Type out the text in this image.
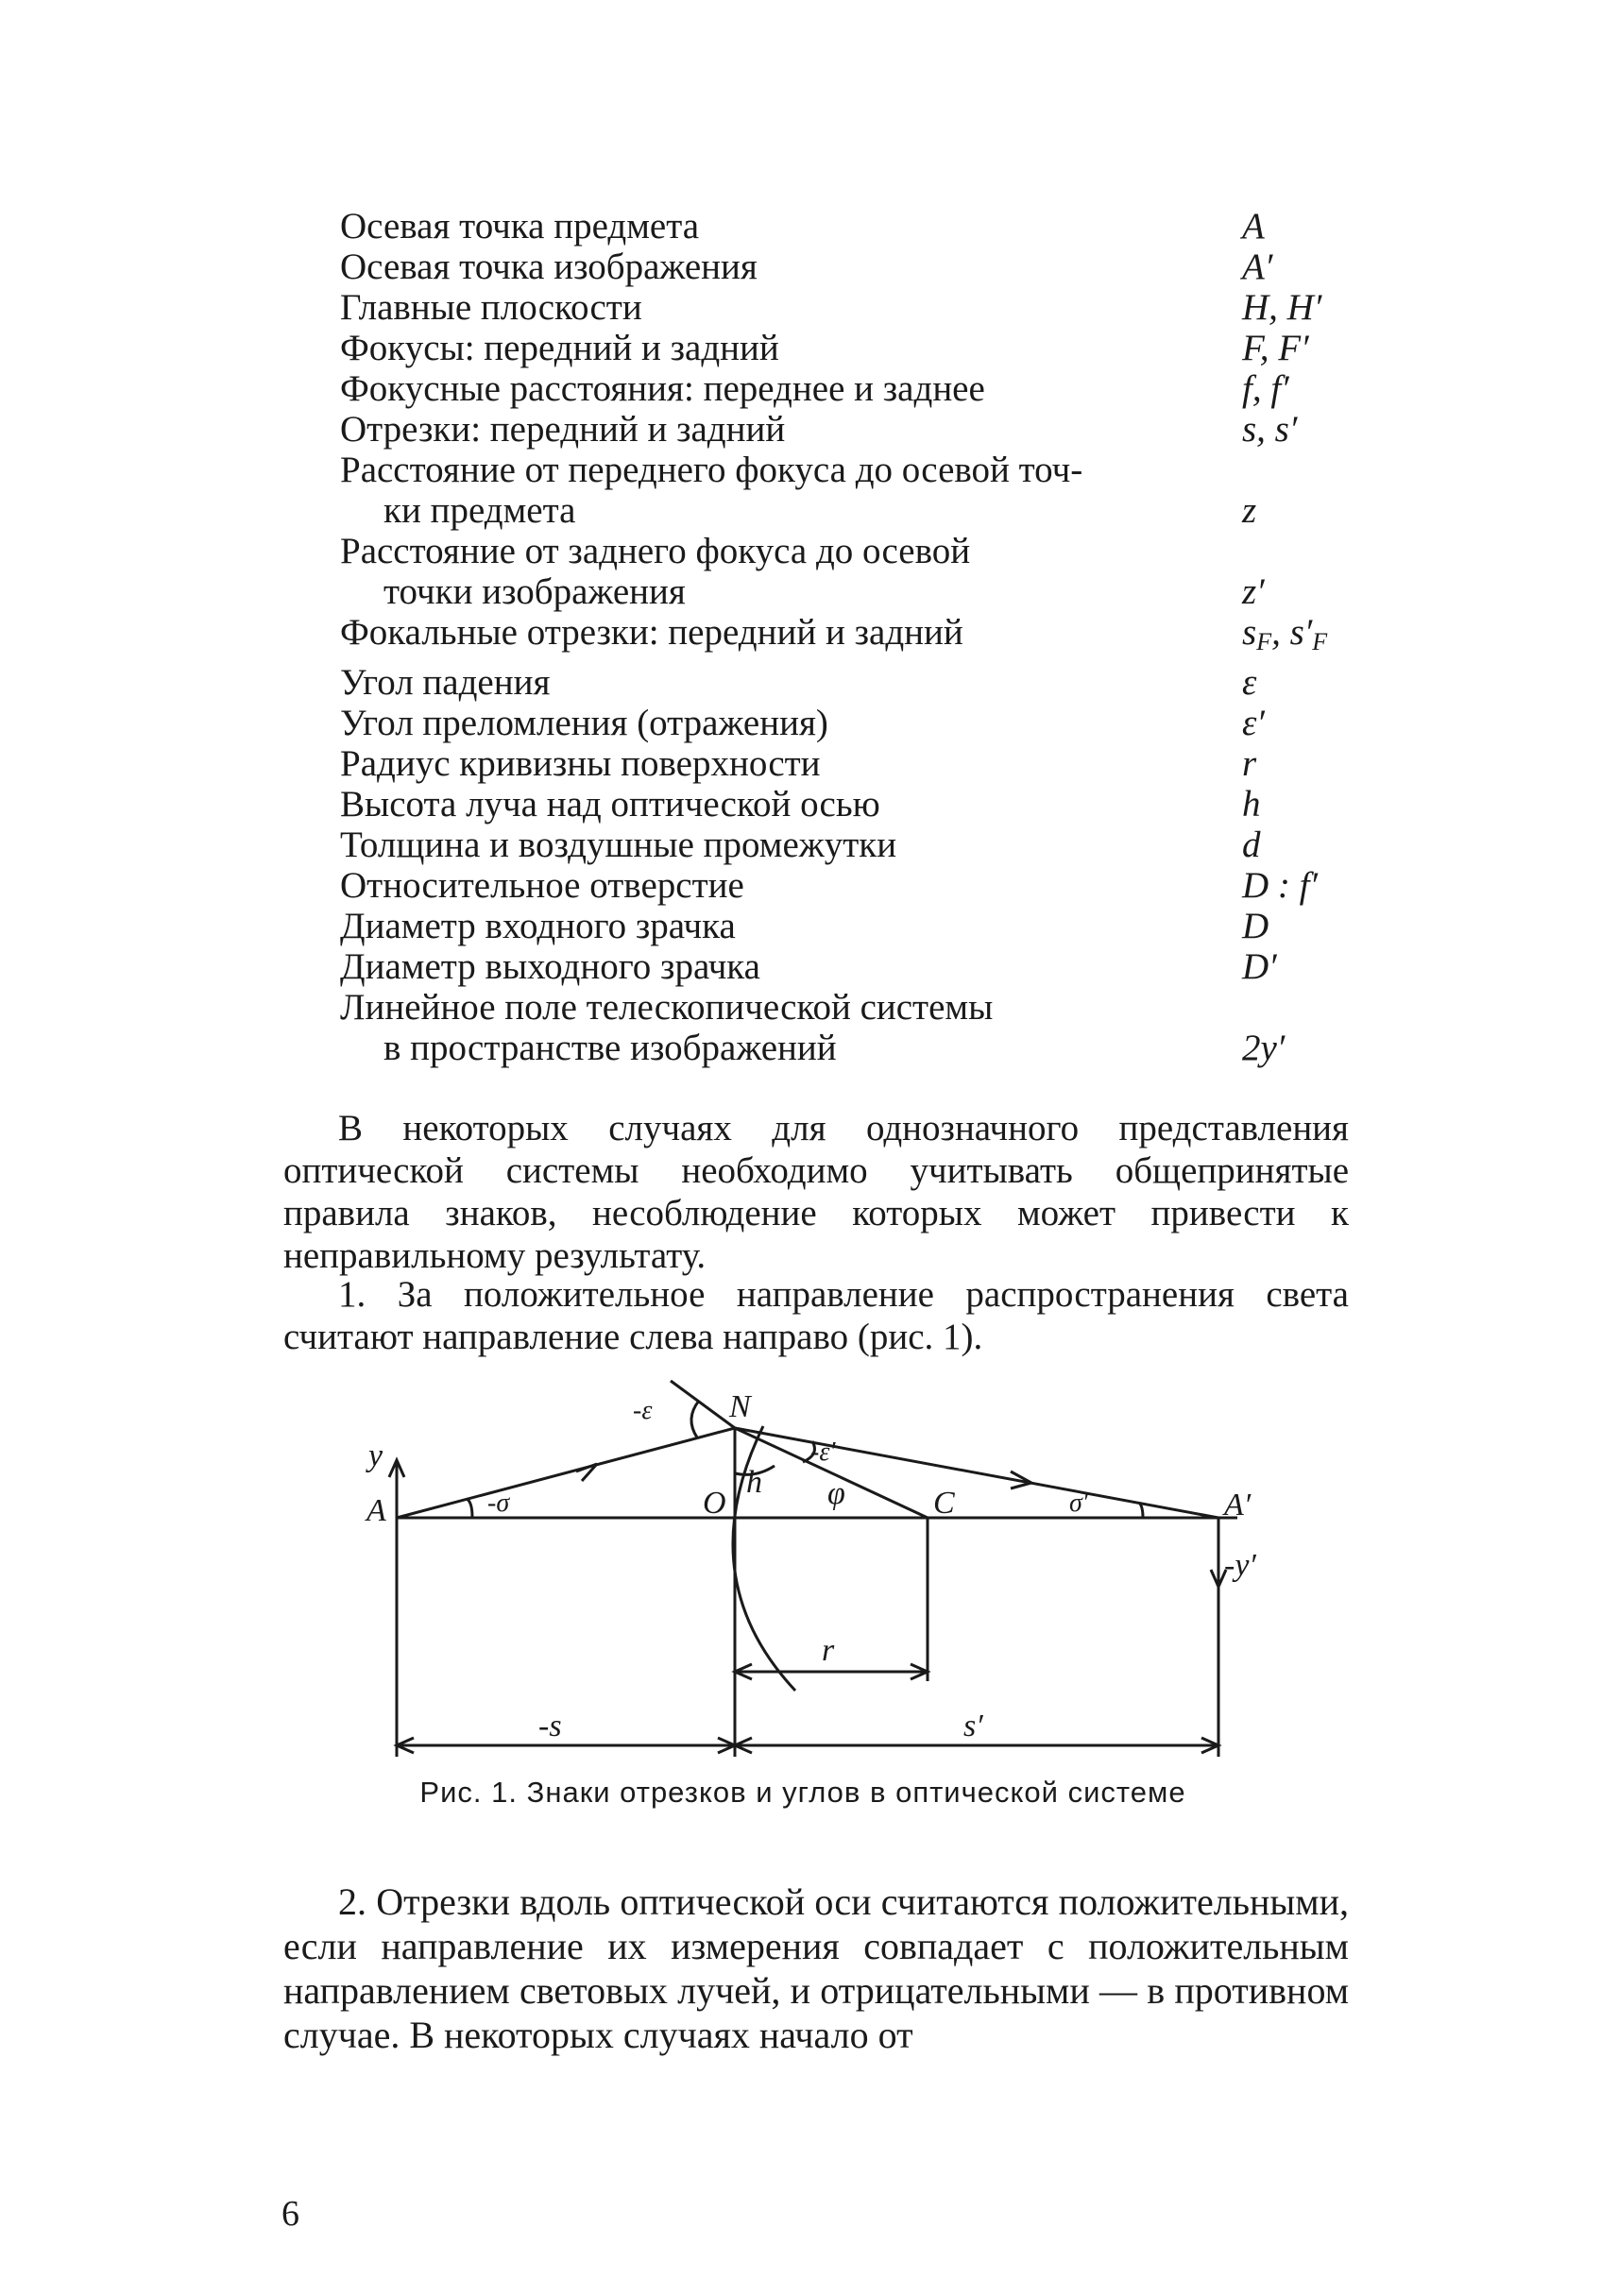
Осевая точка предмета	A
Осевая точка изображения	A′
Главные плоскости	H, H′
Фокусы: передний и задний	F, F′
Фокусные расстояния: переднее и заднее	f, f′
Отрезки: передний и задний	s, s′
Расстояние от переднего фокуса до осевой точ-
ки предмета	z
Расстояние от заднего фокуса до осевой
точки изображения	z′
Фокальные отрезки: передний и задний	$s_F$, $s'_F$
Угол падения	ε
Угол преломления (отражения)	ε′
Радиус кривизны поверхности	r
Высота луча над оптической осью	h
Толщина и воздушные промежутки	d
Относительное отверстие	D : f′
Диаметр входного зрачка	D
Диаметр выходного зрачка	D′
Линейное поле телескопической системы
в пространстве изображений	2y′
В некоторых случаях для однозначного представления оптической системы необходимо учитывать общепринятые правила знаков, несоблюдение которых может привести к неправильному результату.
1. За положительное направление распространения света считают направление слева направо (рис. 1).
y
A	A′
-y′
-σ
-ε
-ε′
O
h φ	C	σ′
N
r
-s	s′
Рис. 1. Знаки отрезков и углов в оптической системе
2. Отрезки вдоль оптической оси считаются положительными, если направление их измерения совпадает с положительным направлением световых лучей, и отрицательными — в противном случае. В некоторых случаях начало от
6
